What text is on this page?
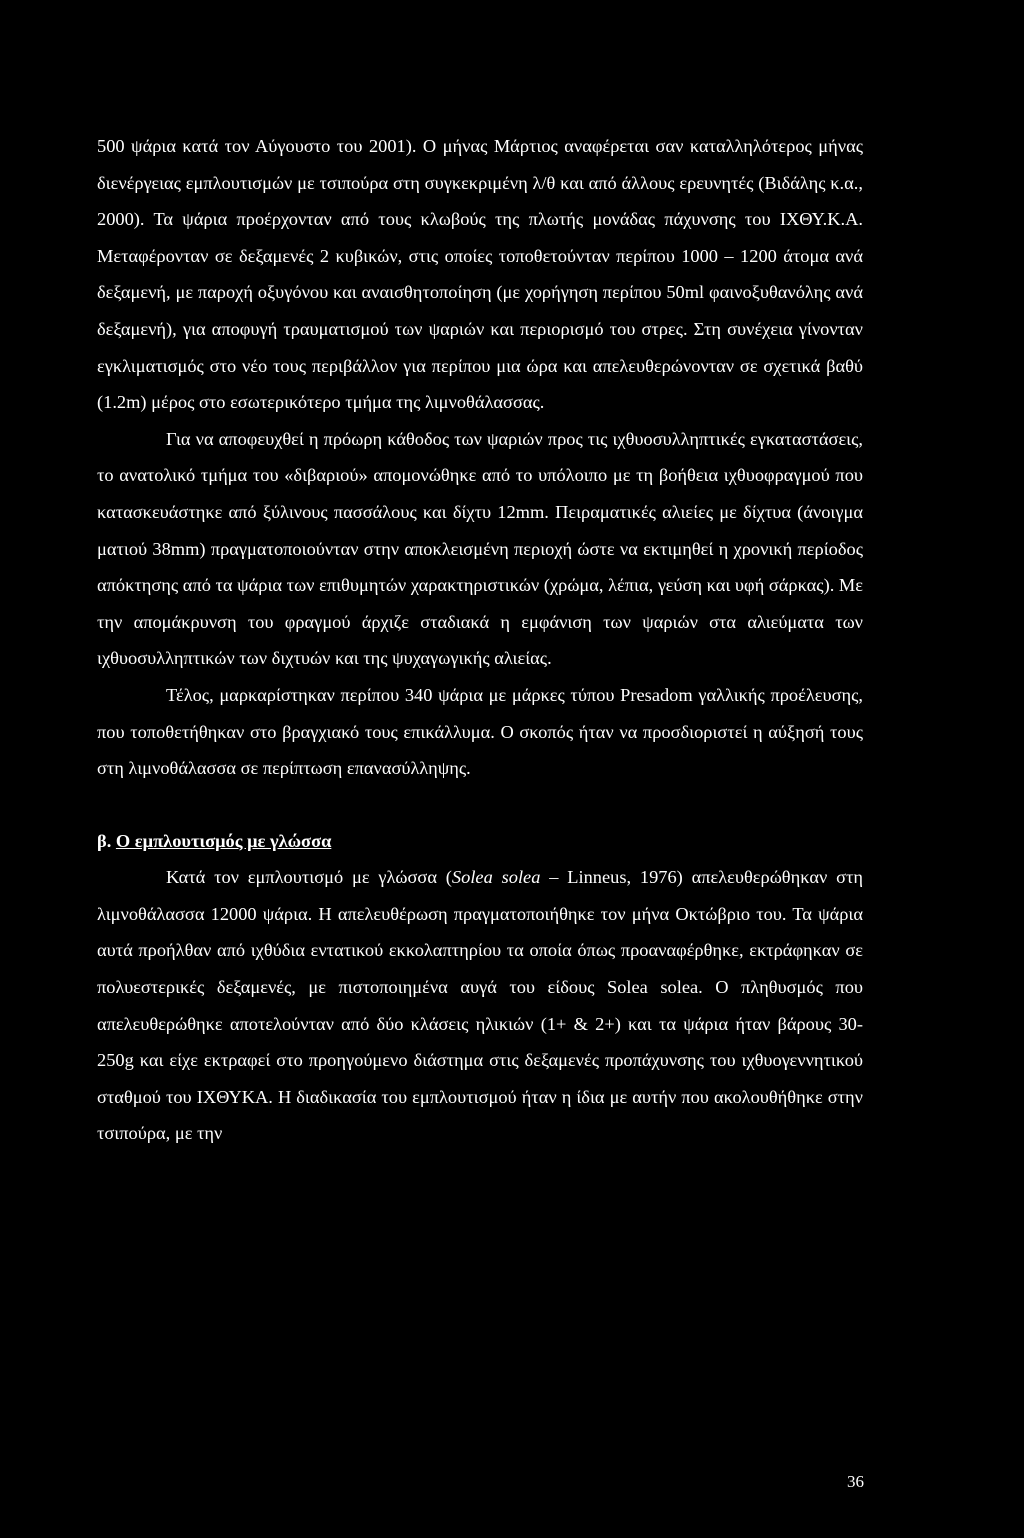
500 ψάρια κατά τον Αύγουστο του 2001). Ο μήνας Μάρτιος αναφέρεται σαν καταλληλότερος μήνας διενέργειας εμπλουτισμών με τσιπούρα στη συγκεκριμένη λ/θ και από άλλους ερευνητές (Βιδάλης κ.α., 2000). Τα ψάρια προέρχονταν από τους κλωβούς της πλωτής μονάδας πάχυνσης του ΙΧΘΥ.Κ.Α. Μεταφέρονταν σε δεξαμενές 2 κυβικών, στις οποίες τοποθετούνταν περίπου 1000 – 1200 άτομα ανά δεξαμενή, με παροχή οξυγόνου και αναισθητοποίηση (με χορήγηση περίπου 50ml φαινοξυθανόλης ανά δεξαμενή), για αποφυγή τραυματισμού των ψαριών και περιορισμό του στρες. Στη συνέχεια γίνονταν εγκλιματισμός στο νέο τους περιβάλλον για περίπου μια ώρα και απελευθερώνονταν σε σχετικά βαθύ (1.2m) μέρος στο εσωτερικότερο τμήμα της λιμνοθάλασσας.

Για να αποφευχθεί η πρόωρη κάθοδος των ψαριών προς τις ιχθυοσυλληπτικές εγκαταστάσεις, το ανατολικό τμήμα του «διβαριού» απομονώθηκε από το υπόλοιπο με τη βοήθεια ιχθυοφραγμού που κατασκευάστηκε από ξύλινους πασσάλους και δίχτυ 12mm. Πειραματικές αλιείες με δίχτυα (άνοιγμα ματιού 38mm) πραγματοποιούνταν στην αποκλεισμένη περιοχή ώστε να εκτιμηθεί η χρονική περίοδος απόκτησης από τα ψάρια των επιθυμητών χαρακτηριστικών (χρώμα, λέπια, γεύση και υφή σάρκας). Με την απομάκρυνση του φραγμού άρχιζε σταδιακά η εμφάνιση των ψαριών στα αλιεύματα των ιχθυοσυλληπτικών των διχτυών και της ψυχαγωγικής αλιείας.

Τέλος, μαρκαρίστηκαν περίπου 340 ψάρια με μάρκες τύπου Presadom γαλλικής προέλευσης, που τοποθετήθηκαν στο βραγχιακό τους επικάλλυμα. Ο σκοπός ήταν να προσδιοριστεί η αύξησή τους στη λιμνοθάλασσα σε περίπτωση επανασύλληψης.

β. Ο εμπλουτισμός με γλώσσα

Κατά τον εμπλουτισμό με γλώσσα (Solea solea – Linneus, 1976) απελευθερώθηκαν στη λιμνοθάλασσα 12000 ψάρια. Η απελευθέρωση πραγματοποιήθηκε τον μήνα Οκτώβριο του. Τα ψάρια αυτά προήλθαν από ιχθύδια εντατικού εκκολαπτηρίου τα οποία όπως προαναφέρθηκε, εκτράφηκαν σε πολυεστερικές δεξαμενές, με πιστοποιημένα αυγά του είδους Solea solea. Ο πληθυσμός που απελευθερώθηκε αποτελούνταν από δύο κλάσεις ηλικιών (1+ & 2+) και τα ψάρια ήταν βάρους 30-250g και είχε εκτραφεί στο προηγούμενο διάστημα στις δεξαμενές προπάχυνσης του ιχθυογεννητικού σταθμού του ΙΧΘΥΚΑ. Η διαδικασία του εμπλουτισμού ήταν η ίδια με αυτήν που ακολουθήθηκε στην τσιπούρα, με την

36
